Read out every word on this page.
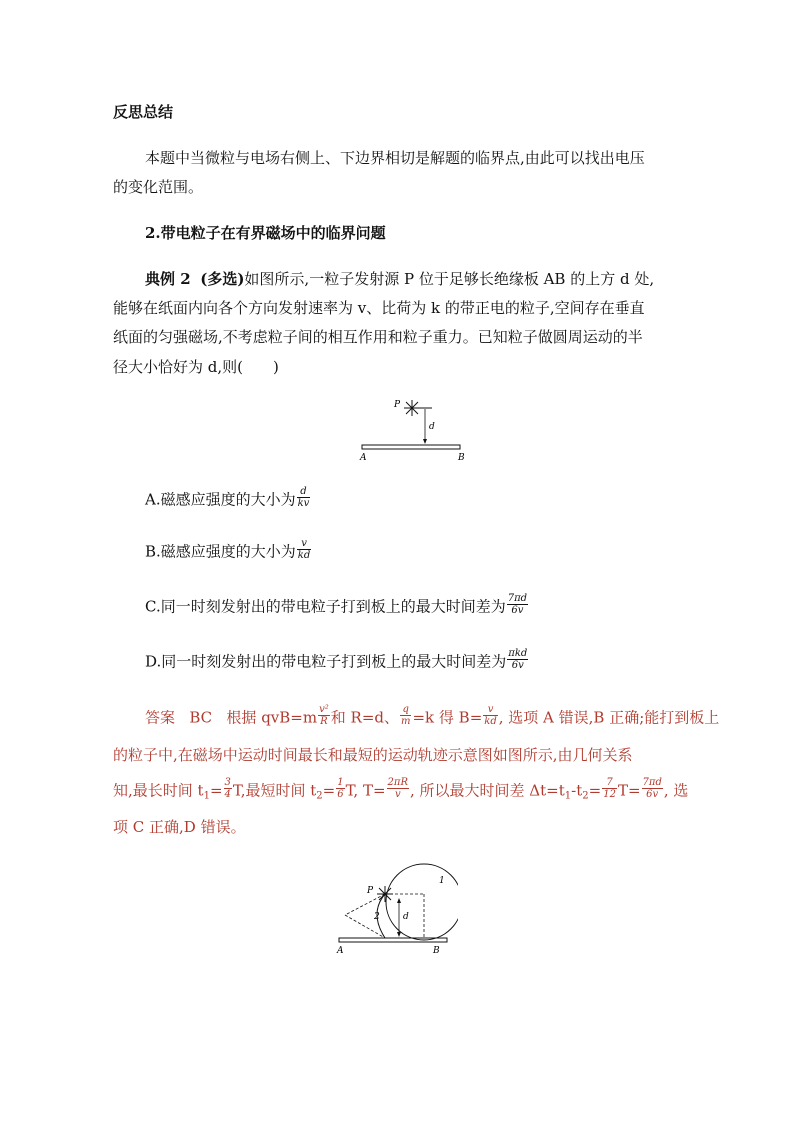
反思总结
本题中当微粒与电场右侧上、下边界相切是解题的临界点,由此可以找出电压
的变化范围。
2.带电粒子在有界磁场中的临界问题
典例 2 (多选)如图所示,一粒子发射源 P 位于足够长绝缘板 AB 的上方 d 处,
能够在纸面内向各个方向发射速率为 v、比荷为 k 的带正电的粒子,空间存在垂直
纸面的匀强磁场,不考虑粒子间的相互作用和粒子重力。已知粒子做圆周运动的半
径大小恰好为 d,则(　　)
P
d
A	B
A.磁感应强度的大小为 $\frac{d}{kv}$
B.磁感应强度的大小为 $\frac{v}{kd}$
C.同一时刻发射出的带电粒子打到板上的最大时间差为 $\frac{7\pi d}{6v}$
D.同一时刻发射出的带电粒子打到板上的最大时间差为 $\frac{\text{πkd}}{6v}$
答案 BC 根据 $qvB=m \frac{\text{v²}}{R}$ 和 R=d、 $\frac{q}{m} =k$ 得 $B= \frac{v}{kd}$ , 选项 A 错误,B 正确;能打到板上
的粒子中,在磁场中运动时间最长和最短的运动轨迹示意图如图所示,由几何关系
知,最长时间 $t_1= \frac{3}{4} T$,最短时间 $t_2= \frac{1}{6} T$, $T= \frac{2\pi R}{v}$ , 所以最大时间差 $\Delta t=t_1-t_2= \frac{7}{12} T= \frac{7\pi d}{6v}$ , 选
项 C 正确,D 错误。
P
1
2	d
A	B
